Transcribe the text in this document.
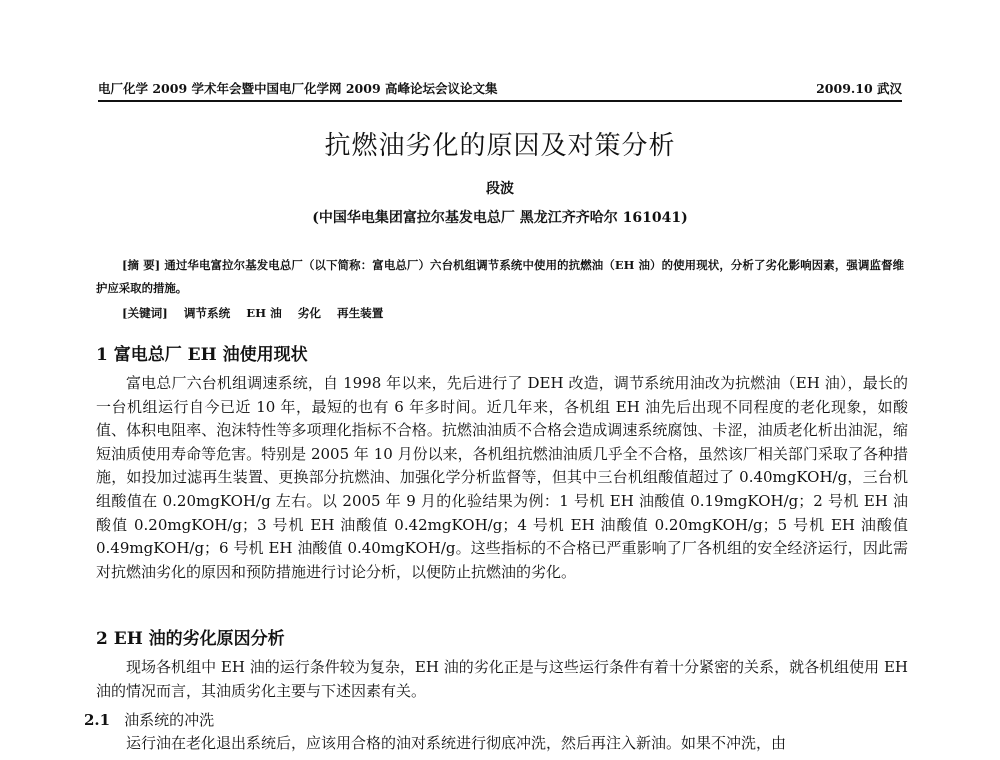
电厂化学 2009 学术年会暨中国电厂化学网 2009 高峰论坛会议论文集	2009.10 武汉
抗燃油劣化的原因及对策分析
段波
(中国华电集团富拉尔基发电总厂 黑龙江齐齐哈尔 161041)
[摘 要] 通过华电富拉尔基发电总厂（以下简称：富电总厂）六台机组调节系统中使用的抗燃油（EH 油）的使用现状，分析了劣化影响因素，强调监督维护应采取的措施。
[关键词] 调节系统 EH 油 劣化 再生装置
1 富电总厂 EH 油使用现状
富电总厂六台机组调速系统，自 1998 年以来，先后进行了 DEH 改造，调节系统用油改为抗燃油（EH 油），最长的一台机组运行自今已近 10 年，最短的也有 6 年多时间。近几年来，各机组 EH 油先后出现不同程度的老化现象，如酸值、体积电阻率、泡沫特性等多项理化指标不合格。抗燃油油质不合格会造成调速系统腐蚀、卡涩，油质老化析出油泥，缩短油质使用寿命等危害。特别是 2005 年 10 月份以来，各机组抗燃油油质几乎全不合格，虽然该厂相关部门采取了各种措施，如投加过滤再生装置、更换部分抗燃油、加强化学分析监督等，但其中三台机组酸值超过了 0.40mgKOH/g，三台机组酸值在 0.20mgKOH/g 左右。以 2005 年 9 月的化验结果为例：1 号机 EH 油酸值 0.19mgKOH/g；2 号机 EH 油酸值 0.20mgKOH/g；3 号机 EH 油酸值 0.42mgKOH/g；4 号机 EH 油酸值 0.20mgKOH/g；5 号机 EH 油酸值 0.49mgKOH/g；6 号机 EH 油酸值 0.40mgKOH/g。这些指标的不合格已严重影响了厂各机组的安全经济运行，因此需对抗燃油劣化的原因和预防措施进行讨论分析，以便防止抗燃油的劣化。
2 EH 油的劣化原因分析
现场各机组中 EH 油的运行条件较为复杂，EH 油的劣化正是与这些运行条件有着十分紧密的关系，就各机组使用 EH 油的情况而言，其油质劣化主要与下述因素有关。
2.1 油系统的冲洗
运行油在老化退出系统后，应该用合格的油对系统进行彻底冲洗，然后再注入新油。如果不冲洗，由
